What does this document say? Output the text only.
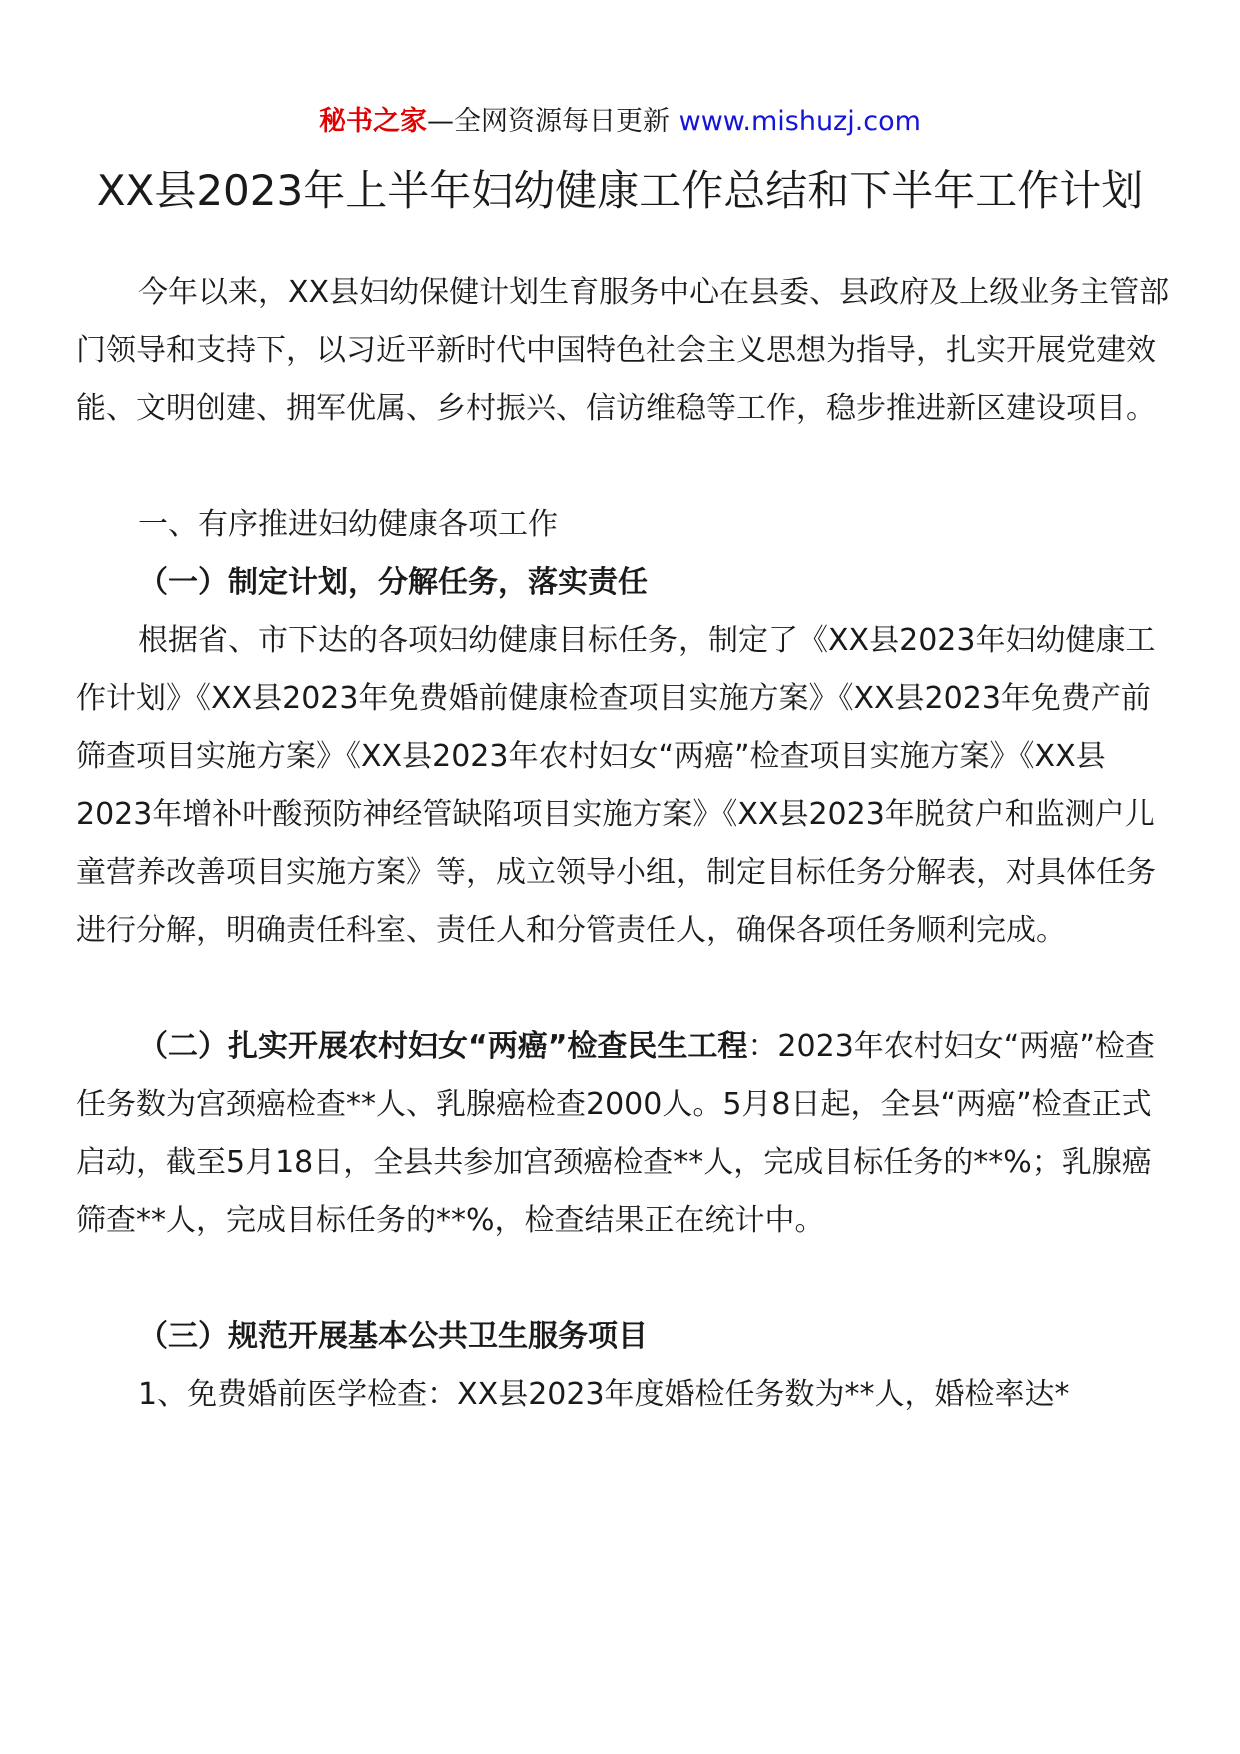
秘书之家—全网资源每日更新 www.mishuzj.com
XX县2023年上半年妇幼健康工作总结和下半年工作计划

今年以来，XX县妇幼保健计划生育服务中心在县委、县政府及上级业务主管部门领导和支持下，以习近平新时代中国特色社会主义思想为指导，扎实开展党建效能、文明创建、拥军优属、乡村振兴、信访维稳等工作，稳步推进新区建设项目。

一、有序推进妇幼健康各项工作

（一）制定计划，分解任务，落实责任

根据省、市下达的各项妇幼健康目标任务，制定了《XX县2023年妇幼健康工作计划》《XX县2023年免费婚前健康检查项目实施方案》《XX县2023年免费产前筛查项目实施方案》《XX县2023年农村妇女“两癌”检查项目实施方案》《XX县2023年增补叶酸预防神经管缺陷项目实施方案》《XX县2023年脱贫户和监测户儿童营养改善项目实施方案》等，成立领导小组，制定目标任务分解表，对具体任务进行分解，明确责任科室、责任人和分管责任人，确保各项任务顺利完成。

（二）扎实开展农村妇女“两癌”检查民生工程：2023年农村妇女“两癌”检查任务数为宫颈癌检查**人、乳腺癌检查2000人。5月8日起，全县“两癌”检查正式启动，截至5月18日，全县共参加宫颈癌检查**人，完成目标任务的**%；乳腺癌筛查**人，完成目标任务的**%，检查结果正在统计中。

（三）规范开展基本公共卫生服务项目

1、免费婚前医学检查：XX县2023年度婚检任务数为**人，婚检率达*
